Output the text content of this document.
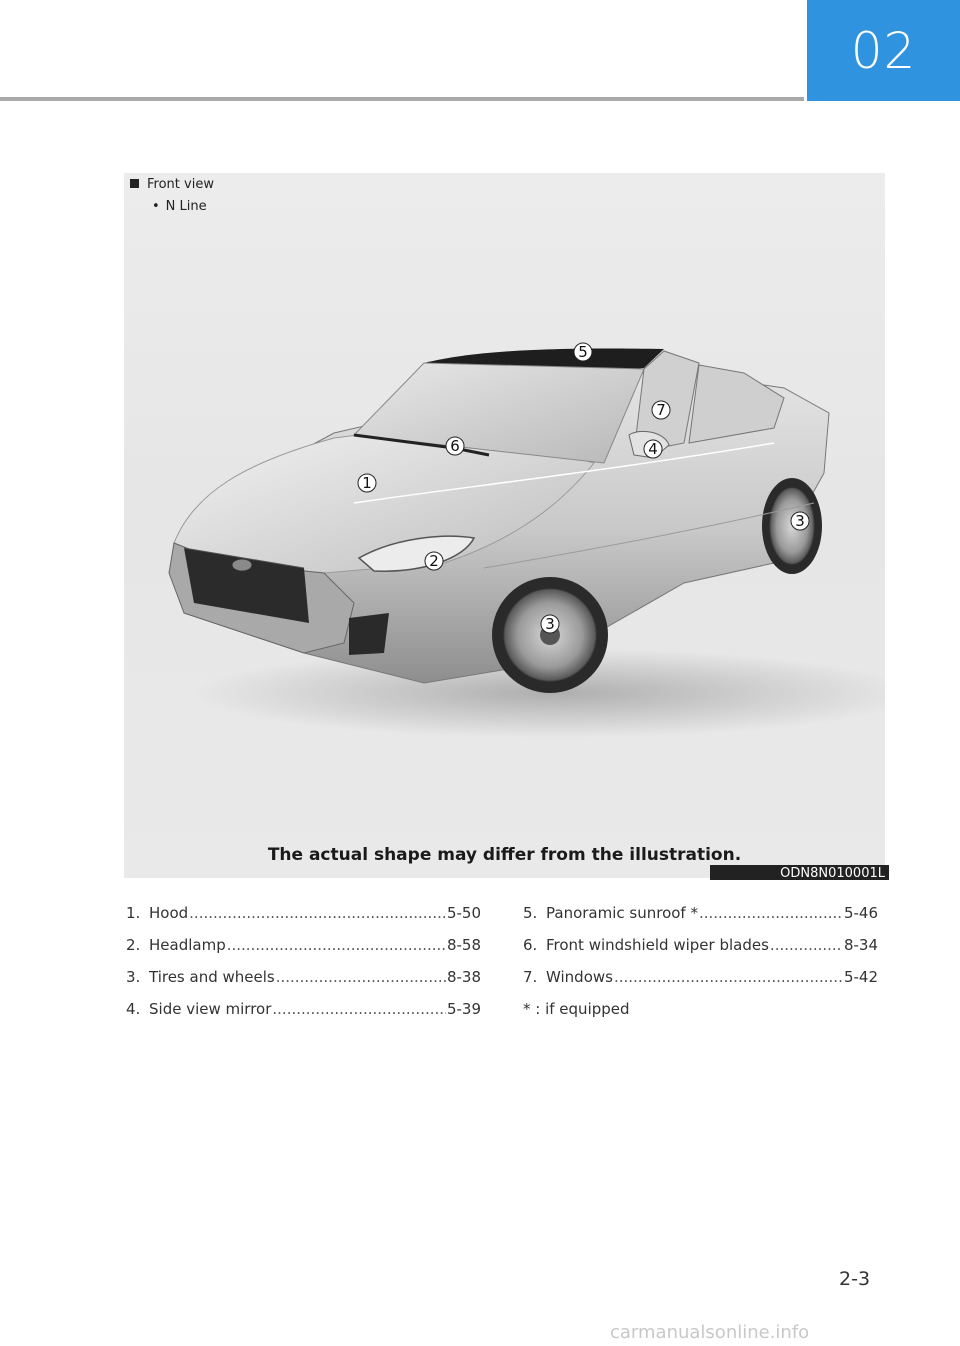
02
Front view
• N Line
5
7
6	4
1
3
2
3
The actual shape may differ from the illustration.
ODN8N010001L
1. Hood .....	5-50
2. Headlamp .....	8-58
3. Tires and wheels .....	8-38
4. Side view mirror .....	5-39
5. Panoramic sunroof * .....	5-46
6. Front windshield wiper blades .....	8-34
7. Windows .....	5-42
* : if equipped
2-3
carmanualsonline.info
